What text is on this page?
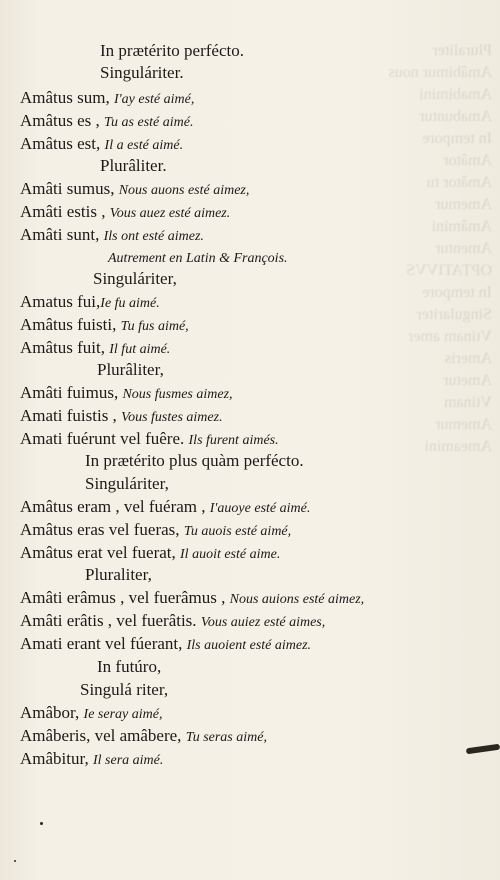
Pluraliter
Amâbimur nous
Amabimini
Amabuntur
In tempore
Amâtor
Amâtor tu
Amemur
Amâmini
Amentur
OPTATIVVS
In tempore
Singulariter
Vtinam amer
Ameris
Ametur
Vtinam
Amemur
Ameamini
In prætérito perfécto.
Singuláriter.
Amâtus sum, I'ay esté aimé,
Amâtus es , Tu as esté aimé.
Amâtus est, Il a esté aimé.
Plurâliter.
Amâti sumus, Nous auons esté aimez,
Amâti estis , Vous auez esté aimez.
Amâti sunt, Ils ont esté aimez.
Autrement en Latin & François.
Singuláriter,
Amatus fui,Ie fu aimé.
Amâtus fuisti, Tu fus aimé,
Amâtus fuit, Il fut aimé.
Plurâliter,
Amâti fuimus, Nous fusmes aimez,
Amati fuistis , Vous fustes aimez.
Amati fuérunt vel fuêre. Ils furent aimés.
In prætérito plus quàm perfécto.
Singuláriter,
Amâtus eram , vel fuéram , I'auoye esté aimé.
Amâtus eras vel fueras, Tu auois esté aimé,
Amâtus erat vel fuerat, Il auoit esté aime.
Pluraliter,
Amâti erâmus , vel fuerâmus , Nous auions esté aimez,
Amâti erâtis , vel fuerâtis. Vous auiez esté aimes,
Amati erant vel fúerant, Ils auoient esté aimez.
In futúro,
Singulá riter,
Amâbor, Ie seray aimé,
Amâberis, vel amâbere, Tu seras aimé,
Amâbitur, Il sera aimé.
